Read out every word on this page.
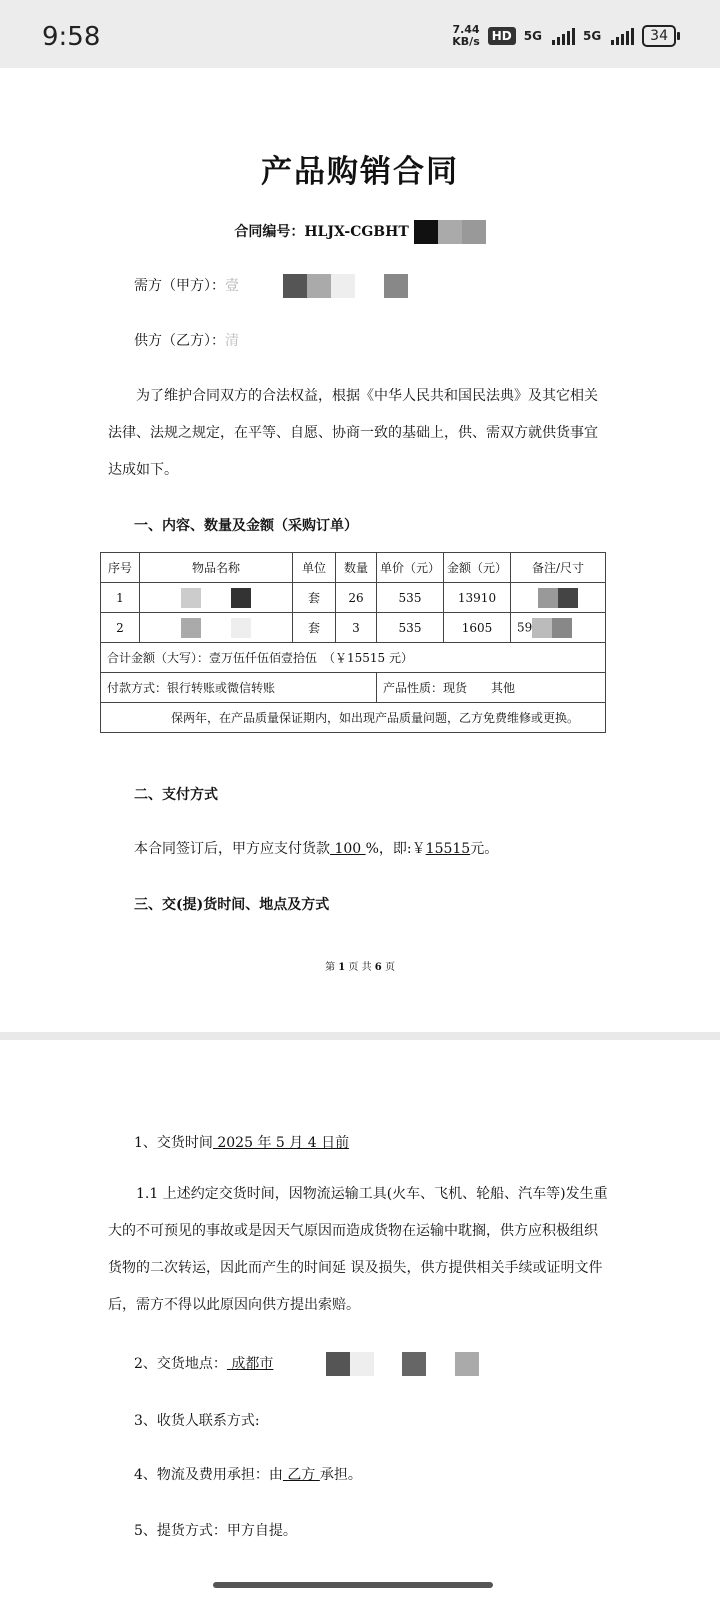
9:58	7.44
KB/s	HD	5G	5G	34
产品购销合同
合同编号：HLJX-CGBHT
需方（甲方）：壹
供方（乙方）：清
为了维护合同双方的合法权益，根据《中华人民共和国民法典》及其它相关法律、法规之规定，在平等、自愿、协商一致的基础上，供、需双方就供货事宜达成如下。
一、内容、数量及金额（采购订单）
序号	物品名称	单位	数量	单价（元）	金额（元）	备注/尺寸
1		套	26	535	13910	
2		套	3	535	1605	59
合计金额（大写）：壹万伍仟伍佰壹拾伍　（￥15515 元）						
付款方式：银行转账或微信转账				产品性质：现货　　其他		
保两年，在产品质量保证期内，如出现产品质量问题，乙方免费维修或更换。						
二、支付方式
本合同签订后，甲方应支付货款 100 %，即:￥15515元。
三、交(提)货时间、地点及方式
第 1 页 共 6 页
1、交货时间 2025 年 5 月 4 日前
1.1 上述约定交货时间，因物流运输工具(火车、飞机、轮船、汽车等)发生重大的不可预见的事故或是因天气原因而造成货物在运输中耽搁，供方应积极组织货物的二次转运，因此而产生的时间延 误及损失，供方提供相关手续或证明文件后，需方不得以此原因向供方提出索赔。
2、交货地点： 成都市
3、收货人联系方式:
4、物流及费用承担：由 乙方 承担。
5、提货方式：甲方自提。
